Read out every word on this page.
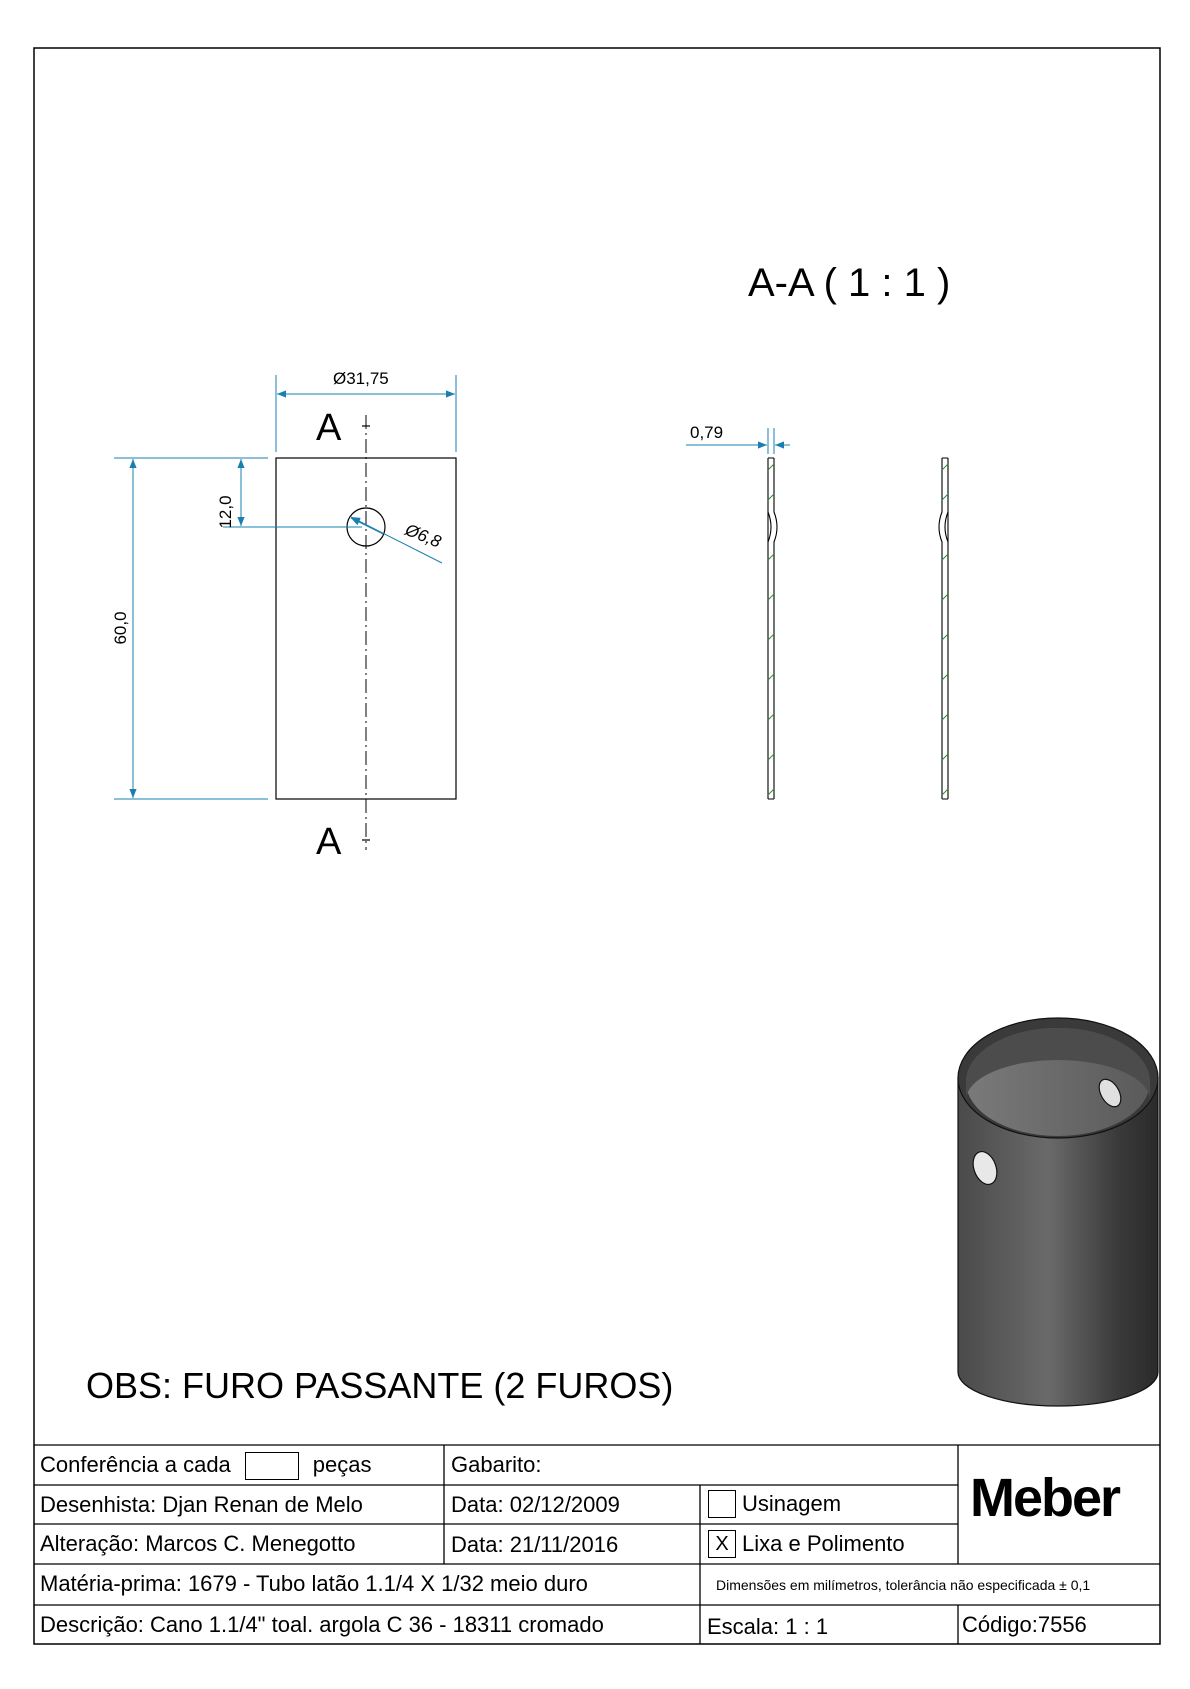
A
A
Ø31,75
60,0
12,0
Ø6,8
A-A ( 1 : 1 )
0,79
OBS: FURO PASSANTE (2 FUROS)
Conferência a cada	peças	Gabarito:
Desenhista: Djan Renan de Melo	Data: 02/12/2009	Usinagem
Alteração: Marcos C. Menegotto	Data: 21/11/2016	X Lixa e Polimento
Matéria-prima: 1679 - Tubo latão 1.1/4 X 1/32 meio duro	Dimensões em milímetros, tolerância não especificada ± 0,1
Descrição: Cano 1.1/4" toal. argola C 36 - 18311 cromado	Escala: 1 : 1	Código:7556
Meber
